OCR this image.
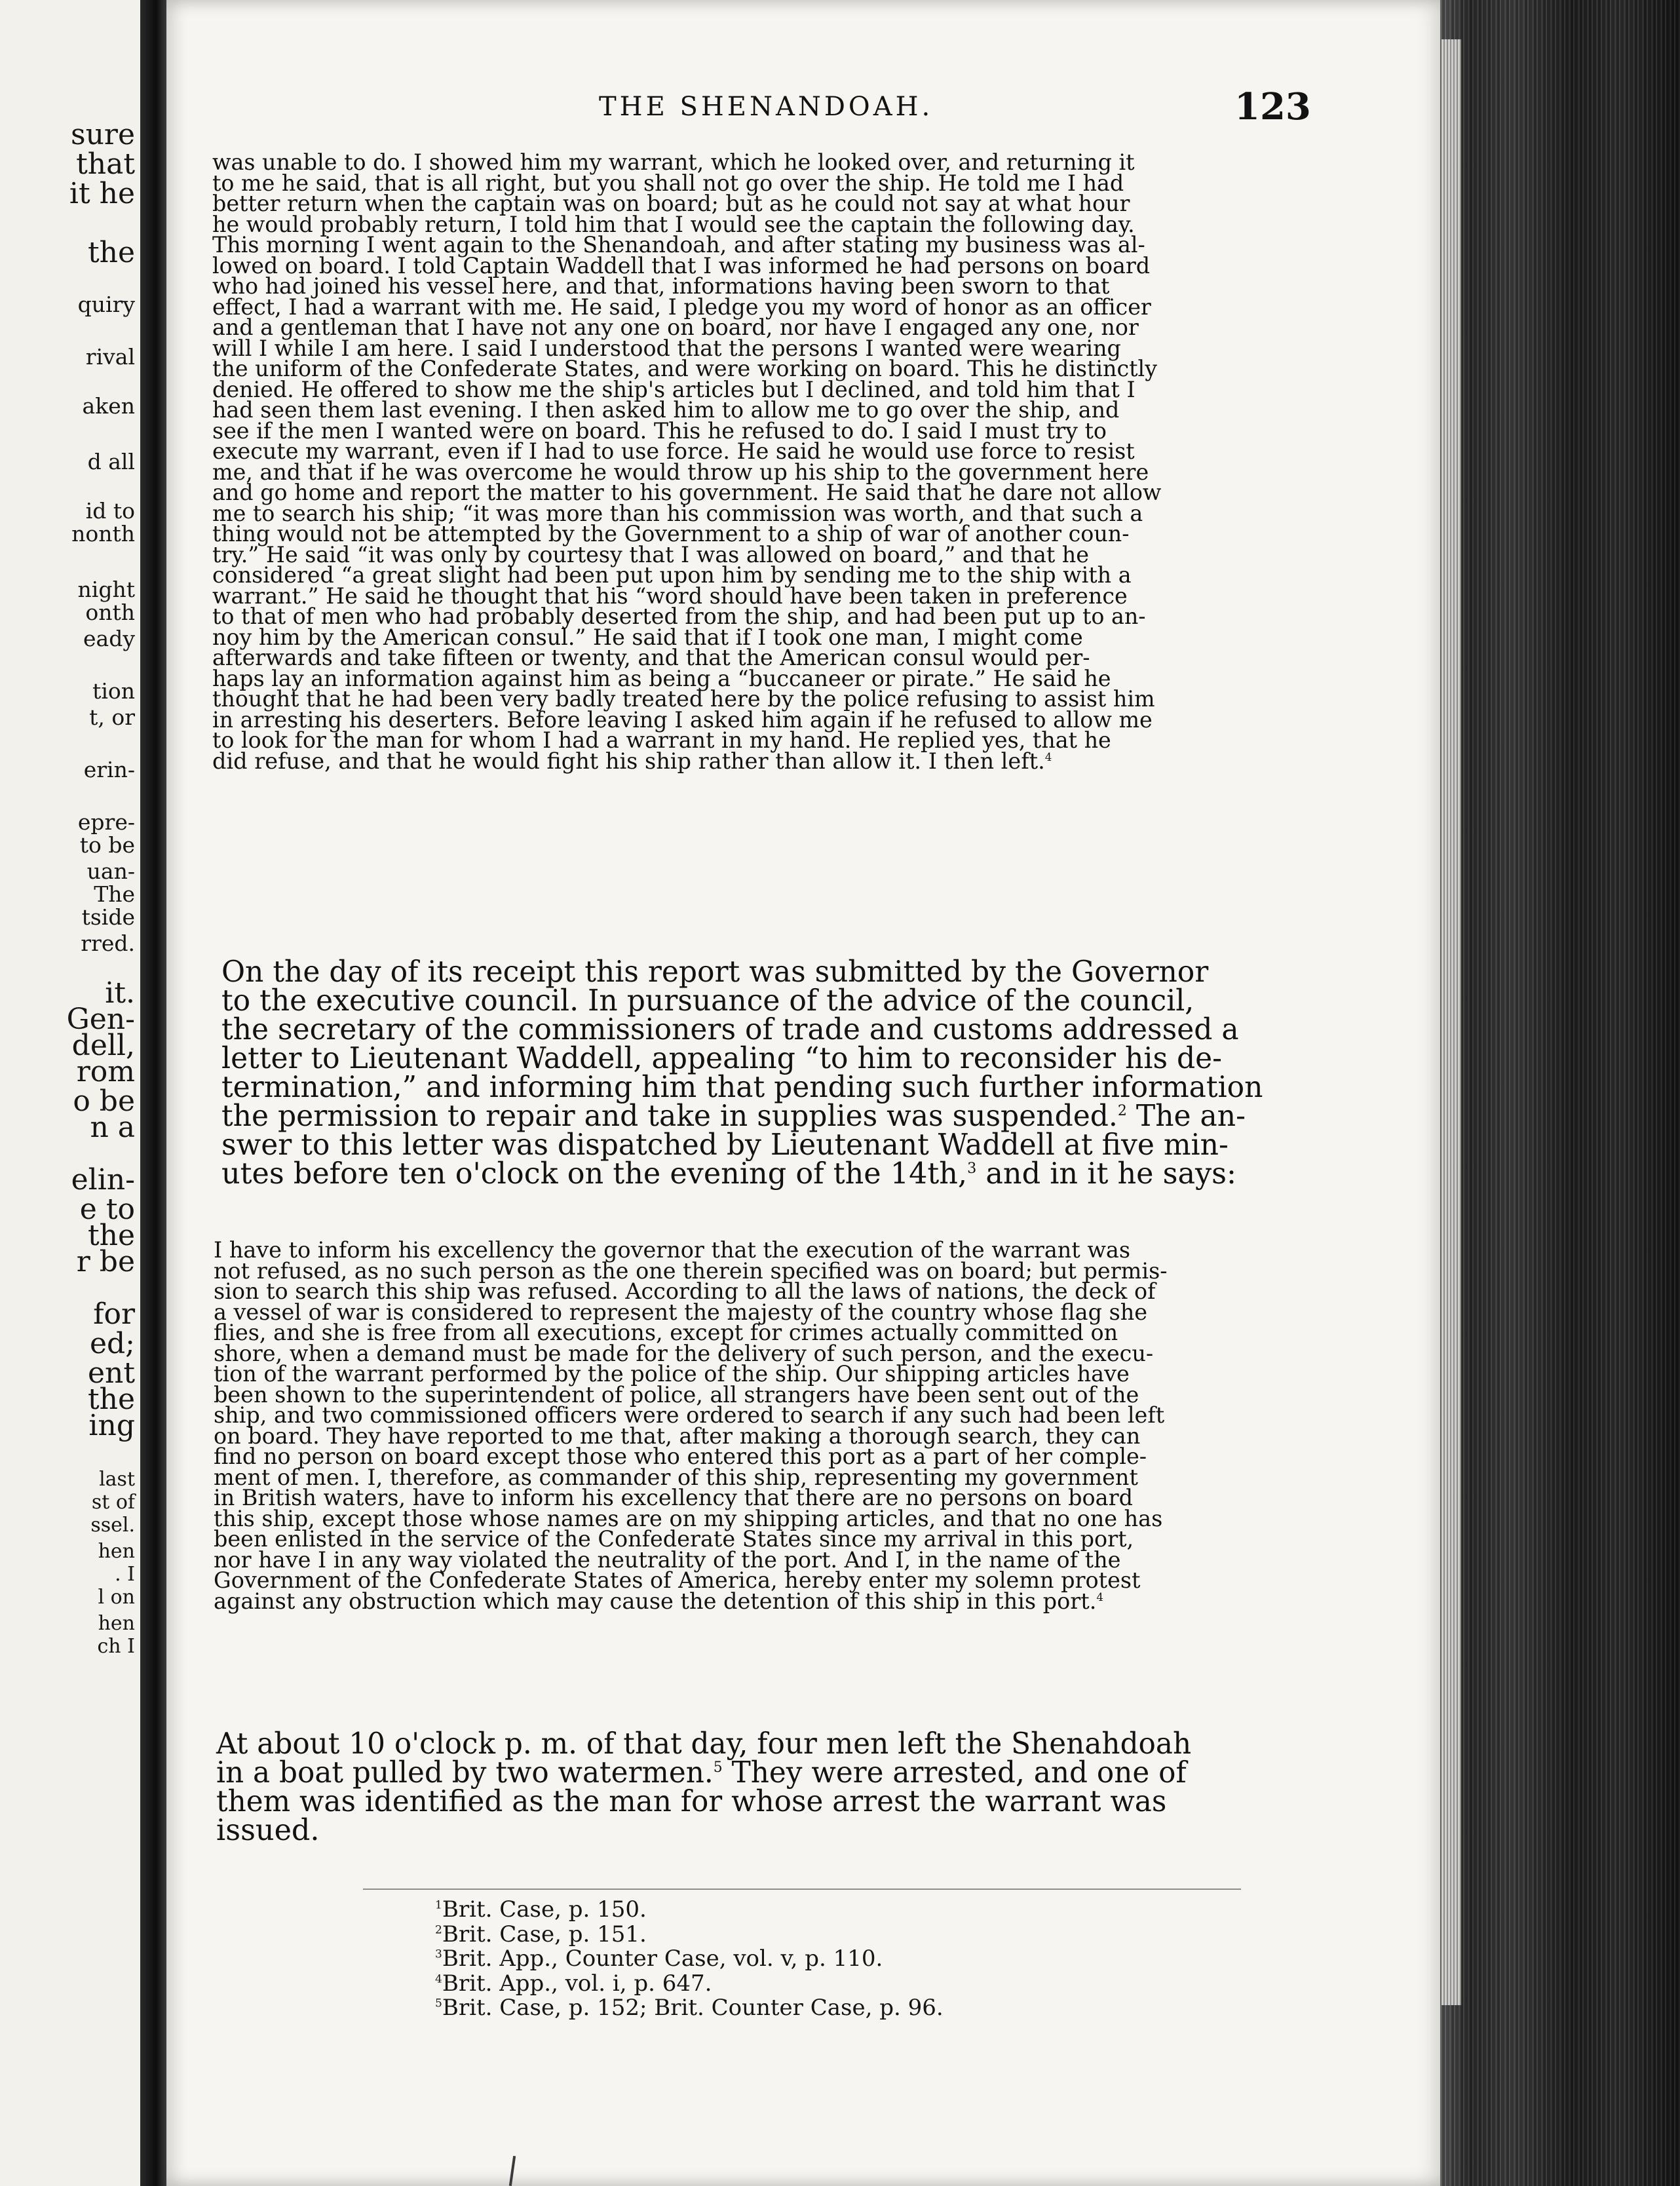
sure
that
it he
the
quiry
rival
aken
d all
id to
nonth
night
onth
eady
tion
t, or
erin-
epre-
to be
uan-
The
tside
rred.
it.
Gen-
dell,
rom
o be
n a
elin-
e to
the
r be
for
ed;
ent
the
ing
last
st of
ssel.
hen
. I
l on
hen
ch I
THE SHENANDOAH.	123
was unable to do. I showed him my warrant, which he looked over, and returning it
to me he said, that is all right, but you shall not go over the ship. He told me I had
better return when the captain was on board; but as he could not say at what hour
he would probably return, I told him that I would see the captain the following day.
This morning I went again to the Shenandoah, and after stating my business was al-
lowed on board. I told Captain Waddell that I was informed he had persons on board
who had joined his vessel here, and that, informations having been sworn to that
effect, I had a warrant with me. He said, I pledge you my word of honor as an officer
and a gentleman that I have not any one on board, nor have I engaged any one, nor
will I while I am here. I said I understood that the persons I wanted were wearing
the uniform of the Confederate States, and were working on board. This he distinctly
denied. He offered to show me the ship's articles but I declined, and told him that I
had seen them last evening. I then asked him to allow me to go over the ship, and
see if the men I wanted were on board. This he refused to do. I said I must try to
execute my warrant, even if I had to use force. He said he would use force to resist
me, and that if he was overcome he would throw up his ship to the government here
and go home and report the matter to his government. He said that he dare not allow
me to search his ship; “it was more than his commission was worth, and that such a
thing would not be attempted by the Government to a ship of war of another coun-
try.” He said “it was only by courtesy that I was allowed on board,” and that he
considered “a great slight had been put upon him by sending me to the ship with a
warrant.” He said he thought that his “word should have been taken in preference
to that of men who had probably deserted from the ship, and had been put up to an-
noy him by the American consul.” He said that if I took one man, I might come
afterwards and take fifteen or twenty, and that the American consul would per-
haps lay an information against him as being a “buccaneer or pirate.” He said he
thought that he had been very badly treated here by the police refusing to assist him
in arresting his deserters. Before leaving I asked him again if he refused to allow me
to look for the man for whom I had a warrant in my hand. He replied yes, that he
did refuse, and that he would fight his ship rather than allow it. I then left.$^4$
On the day of its receipt this report was submitted by the Governor
to the executive council. In pursuance of the advice of the council,
the secretary of the commissioners of trade and customs addressed a
letter to Lieutenant Waddell, appealing “to him to reconsider his de-
termination,” and informing him that pending such further information
the permission to repair and take in supplies was suspended.$^2$ The an-
swer to this letter was dispatched by Lieutenant Waddell at five min-
utes before ten o'clock on the evening of the 14th,$^3$ and in it he says:
I have to inform his excellency the governor that the execution of the warrant was
not refused, as no such person as the one therein specified was on board; but permis-
sion to search this ship was refused. According to all the laws of nations, the deck of
a vessel of war is considered to represent the majesty of the country whose flag she
flies, and she is free from all executions, except for crimes actually committed on
shore, when a demand must be made for the delivery of such person, and the execu-
tion of the warrant performed by the police of the ship. Our shipping articles have
been shown to the superintendent of police, all strangers have been sent out of the
ship, and two commissioned officers were ordered to search if any such had been left
on board. They have reported to me that, after making a thorough search, they can
find no person on board except those who entered this port as a part of her comple-
ment of men. I, therefore, as commander of this ship, representing my government
in British waters, have to inform his excellency that there are no persons on board
this ship, except those whose names are on my shipping articles, and that no one has
been enlisted in the service of the Confederate States since my arrival in this port,
nor have I in any way violated the neutrality of the port. And I, in the name of the
Government of the Confederate States of America, hereby enter my solemn protest
against any obstruction which may cause the detention of this ship in this port.$^4$
At about 10 o'clock p. m. of that day, four men left the Shenahdoah
in a boat pulled by two watermen.$^5$ They were arrested, and one of
them was identified as the man for whose arrest the warrant was
issued.
$^1$Brit. Case, p. 150.
$^2$Brit. Case, p. 151.
$^3$Brit. App., Counter Case, vol. v, p. 110.
$^4$Brit. App., vol. i, p. 647.
$^5$Brit. Case, p. 152; Brit. Counter Case, p. 96.
